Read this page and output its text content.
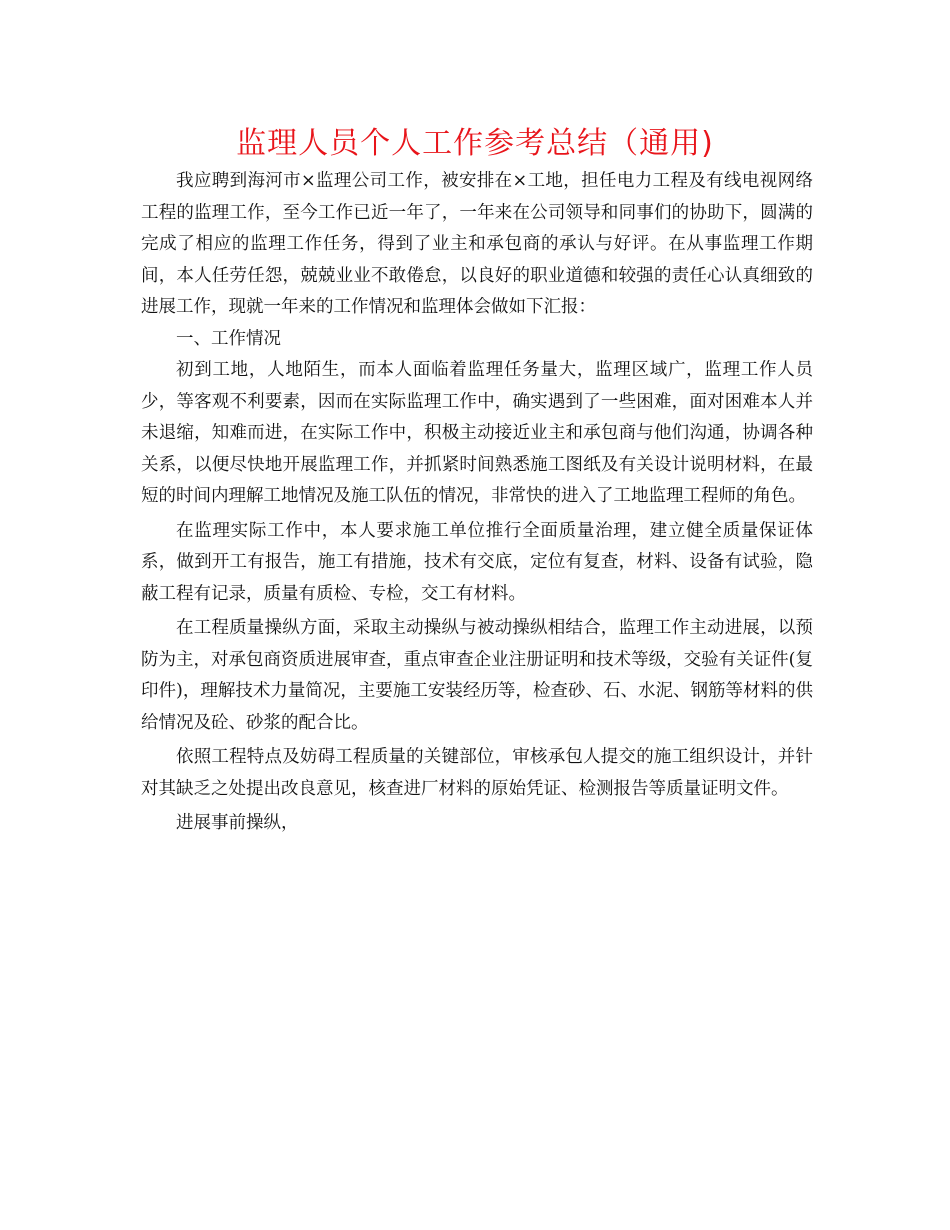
监理人员个人工作参考总结（通用)

我应聘到海河市×监理公司工作，被安排在×工地，担任电力工程及有线电视网络工程的监理工作，至今工作已近一年了，一年来在公司领导和同事们的协助下，圆满的完成了相应的监理工作任务，得到了业主和承包商的承认与好评。在从事监理工作期间，本人任劳任怨，兢兢业业不敢倦怠，以良好的职业道德和较强的责任心认真细致的进展工作，现就一年来的工作情况和监理体会做如下汇报：

一、工作情况

初到工地，人地陌生，而本人面临着监理任务量大，监理区域广，监理工作人员少，等客观不利要素，因而在实际监理工作中，确实遇到了一些困难，面对困难本人并未退缩，知难而进，在实际工作中，积极主动接近业主和承包商与他们沟通，协调各种关系，以便尽快地开展监理工作，并抓紧时间熟悉施工图纸及有关设计说明材料，在最短的时间内理解工地情况及施工队伍的情况，非常快的进入了工地监理工程师的角色。

在监理实际工作中，本人要求施工单位推行全面质量治理，建立健全质量保证体系，做到开工有报告，施工有措施，技术有交底，定位有复查，材料、设备有试验，隐蔽工程有记录，质量有质检、专检，交工有材料。

在工程质量操纵方面，采取主动操纵与被动操纵相结合，监理工作主动进展，以预防为主，对承包商资质进展审查，重点审查企业注册证明和技术等级，交验有关证件(复印件)，理解技术力量简况，主要施工安装经历等，检查砂、石、水泥、钢筋等材料的供给情况及砼、砂浆的配合比。

依照工程特点及妨碍工程质量的关键部位，审核承包人提交的施工组织设计，并针对其缺乏之处提出改良意见，核查进厂材料的原始凭证、检测报告等质量证明文件。

进展事前操纵，
